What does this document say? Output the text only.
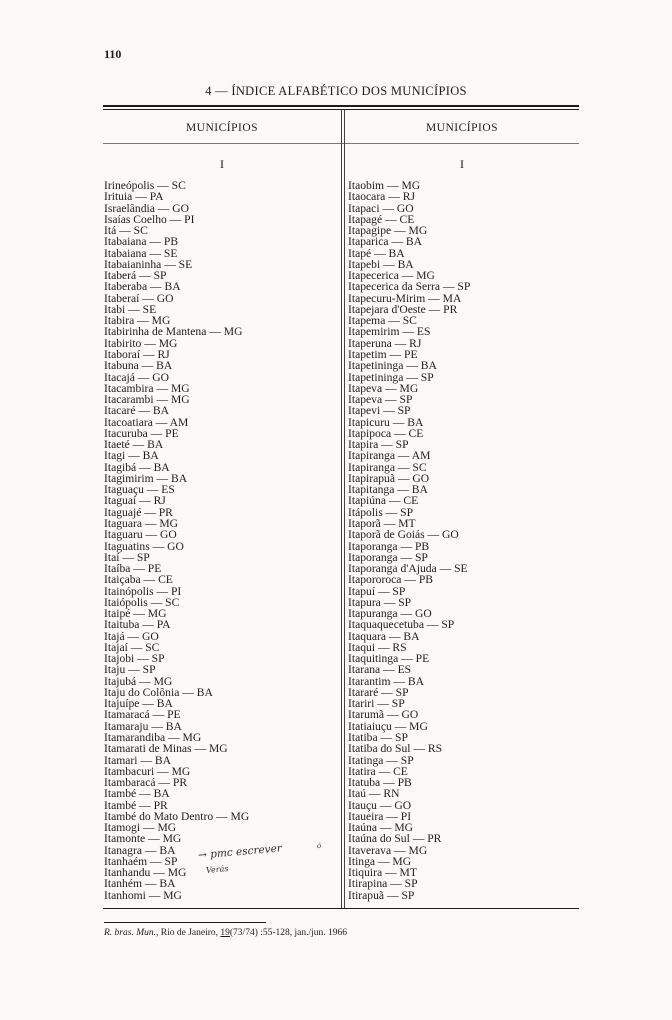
110
4 — ÍNDICE ALFABÉTICO DOS MUNICÍPIOS
MUNICÍPIOS	MUNICÍPIOS
I	I
Irineópolis — SC
Irituia — PA
Israelândia — GO
Isaías Coelho — PI
Itá — SC
Itabaiana — PB
Itabaiana — SE
Itabaianinha — SE
Itaberá — SP
Itaberaba — BA
Itaberaí — GO
Itabi — SE
Itabira — MG
Itabirinha de Mantena — MG
Itabirito — MG
Itaboraí — RJ
Itabuna — BA
Itacajá — GO
Itacambira — MG
Itacarambi — MG
Itacaré — BA
Itacoatiara — AM
Itacuruba — PE
Itaeté — BA
Itagi — BA
Itagibá — BA
Itagimirim — BA
Itaguaçu — ES
Itaguaí — RJ
Itaguajé — PR
Itaguara — MG
Itaguaru — GO
Itaguatins — GO
Itaí — SP
Itaíba — PE
Itaiçaba — CE
Itainópolis — PI
Itaiópolis — SC
Itaipé — MG
Itaituba — PA
Itajá — GO
Itajaí — SC
Itajobi — SP
Itaju — SP
Itajubá — MG
Itaju do Colônia — BA
Itajuípe — BA
Itamaracá — PE
Itamaraju — BA
Itamarandiba — MG
Itamarati de Minas — MG
Itamari — BA
Itambacuri — MG
Itambaracá — PR
Itambé — BA
Itambé — PR
Itambé do Mato Dentro — MG
Itamogi — MG
Itamonte — MG
Itanagra — BA
Itanhaém — SP
Itanhandu — MG
Itanhém — BA
Itanhomi — MG
Itaobim — MG
Itaocara — RJ
Itapaci — GO
Itapagé — CE
Itapagipe — MG
Itaparica — BA
Itapé — BA
Itapebi — BA
Itapecerica — MG
Itapecerica da Serra — SP
Itapecuru-Mirim — MA
Itapejara d'Oeste — PR
Itapema — SC
Itapemirim — ES
Itaperuna — RJ
Itapetim — PE
Itapetininga — BA
Itapetininga — SP
Itapeva — MG
Itapeva — SP
Itapevi — SP
Itapicuru — BA
Itapipoca — CE
Itapira — SP
Itapiranga — AM
Itapiranga — SC
Itapirapuã — GO
Itapitanga — BA
Itapiúna — CE
Itápolis — SP
Itaporã — MT
Itaporã de Goiás — GO
Itaporanga — PB
Itaporanga — SP
Itaporanga d'Ajuda — SE
Itapororoca — PB
Itapuí — SP
Itapura — SP
Itapuranga — GO
Itaquaquecetuba — SP
Itaquara — BA
Itaqui — RS
Itaquitinga — PE
Itarana — ES
Itarantim — BA
Itararé — SP
Itariri — SP
Itarumã — GO
Itatiaiuçu — MG
Itatiba — SP
Itatiba do Sul — RS
Itatinga — SP
Itatira — CE
Itatuba — PB
Itaú — RN
Itauçu — GO
Itaueira — PI
Itaúna — MG
Itaúna do Sul — PR
Itaverava — MG
Itinga — MG
Itiquira — MT
Itirapina — SP
Itirapuã — SP
→ pmc escrever
Verás
ó
R. bras. Mun., Rio de Janeiro, 19(73/74) :55-128, jan./jun. 1966
